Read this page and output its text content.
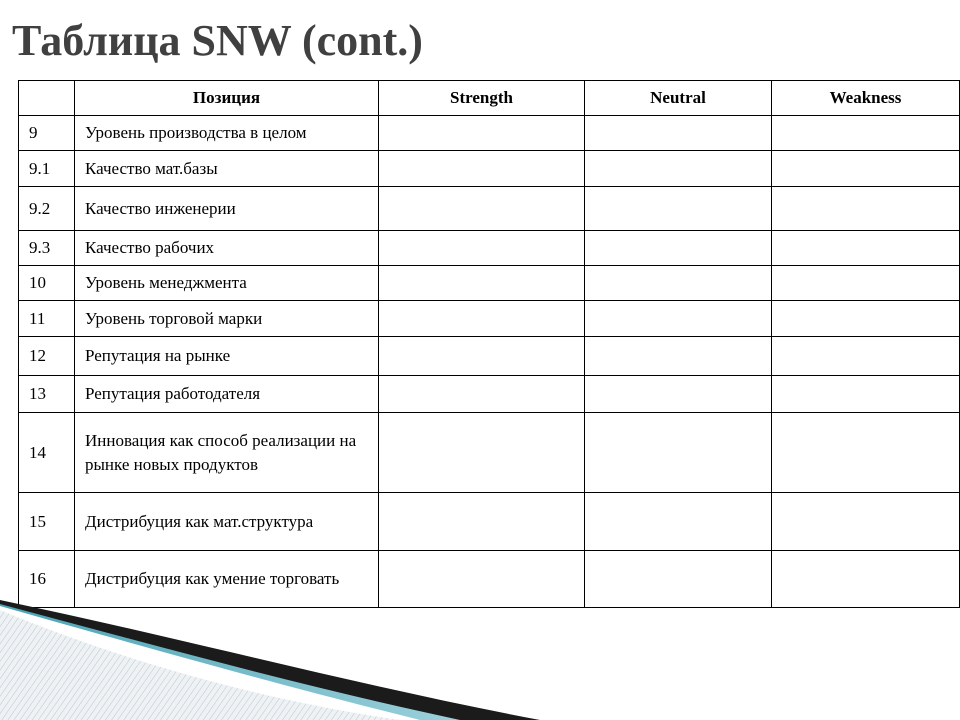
Таблица SNW (cont.)
	Позиция	Strength	Neutral	Weakness
9	Уровень производства в целом			
9.1	Качество мат.базы			
9.2	Качество инженерии			
9.3	Качество рабочих			
10	Уровень менеджмента			
11	Уровень торговой марки			
12	Репутация на рынке			
13	Репутация работодателя			
14	Инновация как способ реализации на рынке новых продуктов			
15	Дистрибуция как мат.структура			
16	Дистрибуция как умение торговать			
